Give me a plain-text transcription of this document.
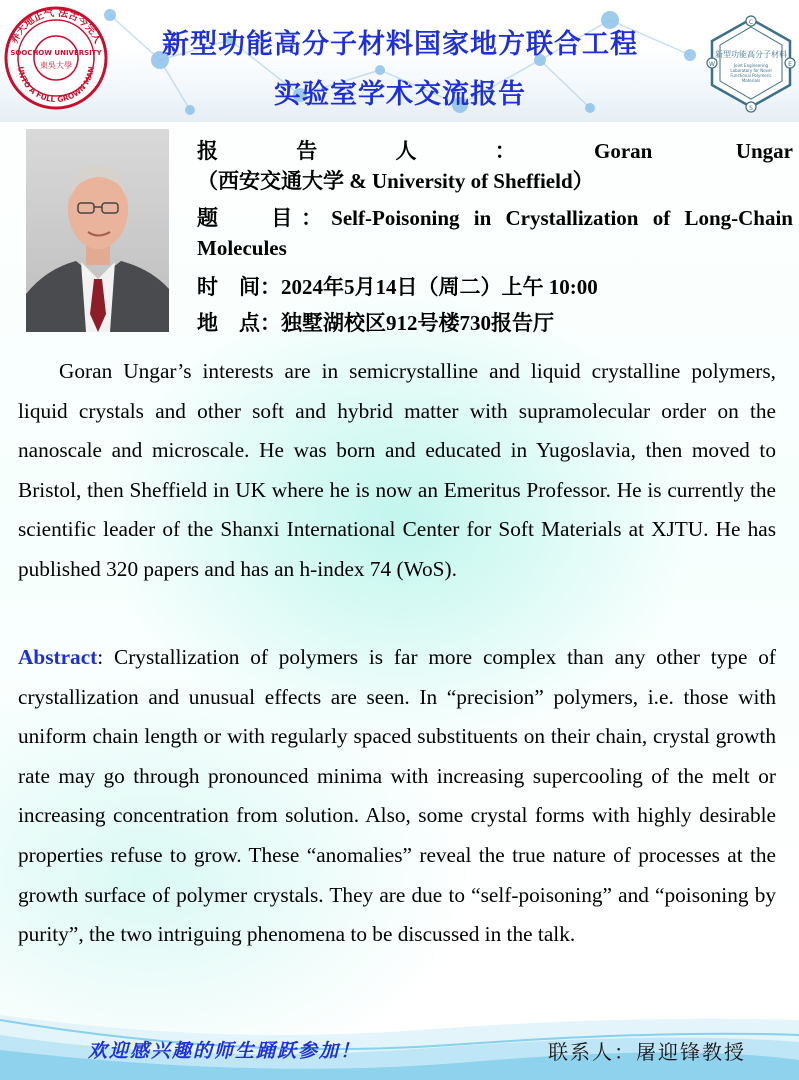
养天地正气 法古今完人
UNTO A FULL GROWN MAN
SOOCHOW UNIVERSITY
東吳大學
新型功能高分子材料国家地方联合工程
实验室学术交流报告
C
E
S
W
新型功能高分子材料
Joint Engineering Laboratory for Novel Functional Polymeric Materials
报告人：Goran Ungar（西安交通大学 & University of Sheffield）
题　 目：Self-Poisoning in Crystallization of Long-Chain Molecules
时　间：2024年5月14日（周二）上午 10:00
地　点：独墅湖校区912号楼730报告厅
Goran Ungar’s interests are in semicrystalline and liquid crystalline polymers, liquid crystals and other soft and hybrid matter with supramolecular order on the nanoscale and microscale. He was born and educated in Yugoslavia, then moved to Bristol, then Sheffield in UK where he is now an Emeritus Professor. He is currently the scientific leader of the Shanxi International Center for Soft Materials at XJTU. He has published 320 papers and has an h-index 74 (WoS).
Abstract: Crystallization of polymers is far more complex than any other type of crystallization and unusual effects are seen. In “precision” polymers, i.e. those with uniform chain length or with regularly spaced substituents on their chain, crystal growth rate may go through pronounced minima with increasing supercooling of the melt or increasing concentration from solution. Also, some crystal forms with highly desirable properties refuse to grow. These “anomalies” reveal the true nature of processes at the growth surface of polymer crystals. They are due to “self-poisoning” and “poisoning by purity”, the two intriguing phenomena to be discussed in the talk.
欢迎感兴趣的师生踊跃参加！	联系人：屠迎锋教授
